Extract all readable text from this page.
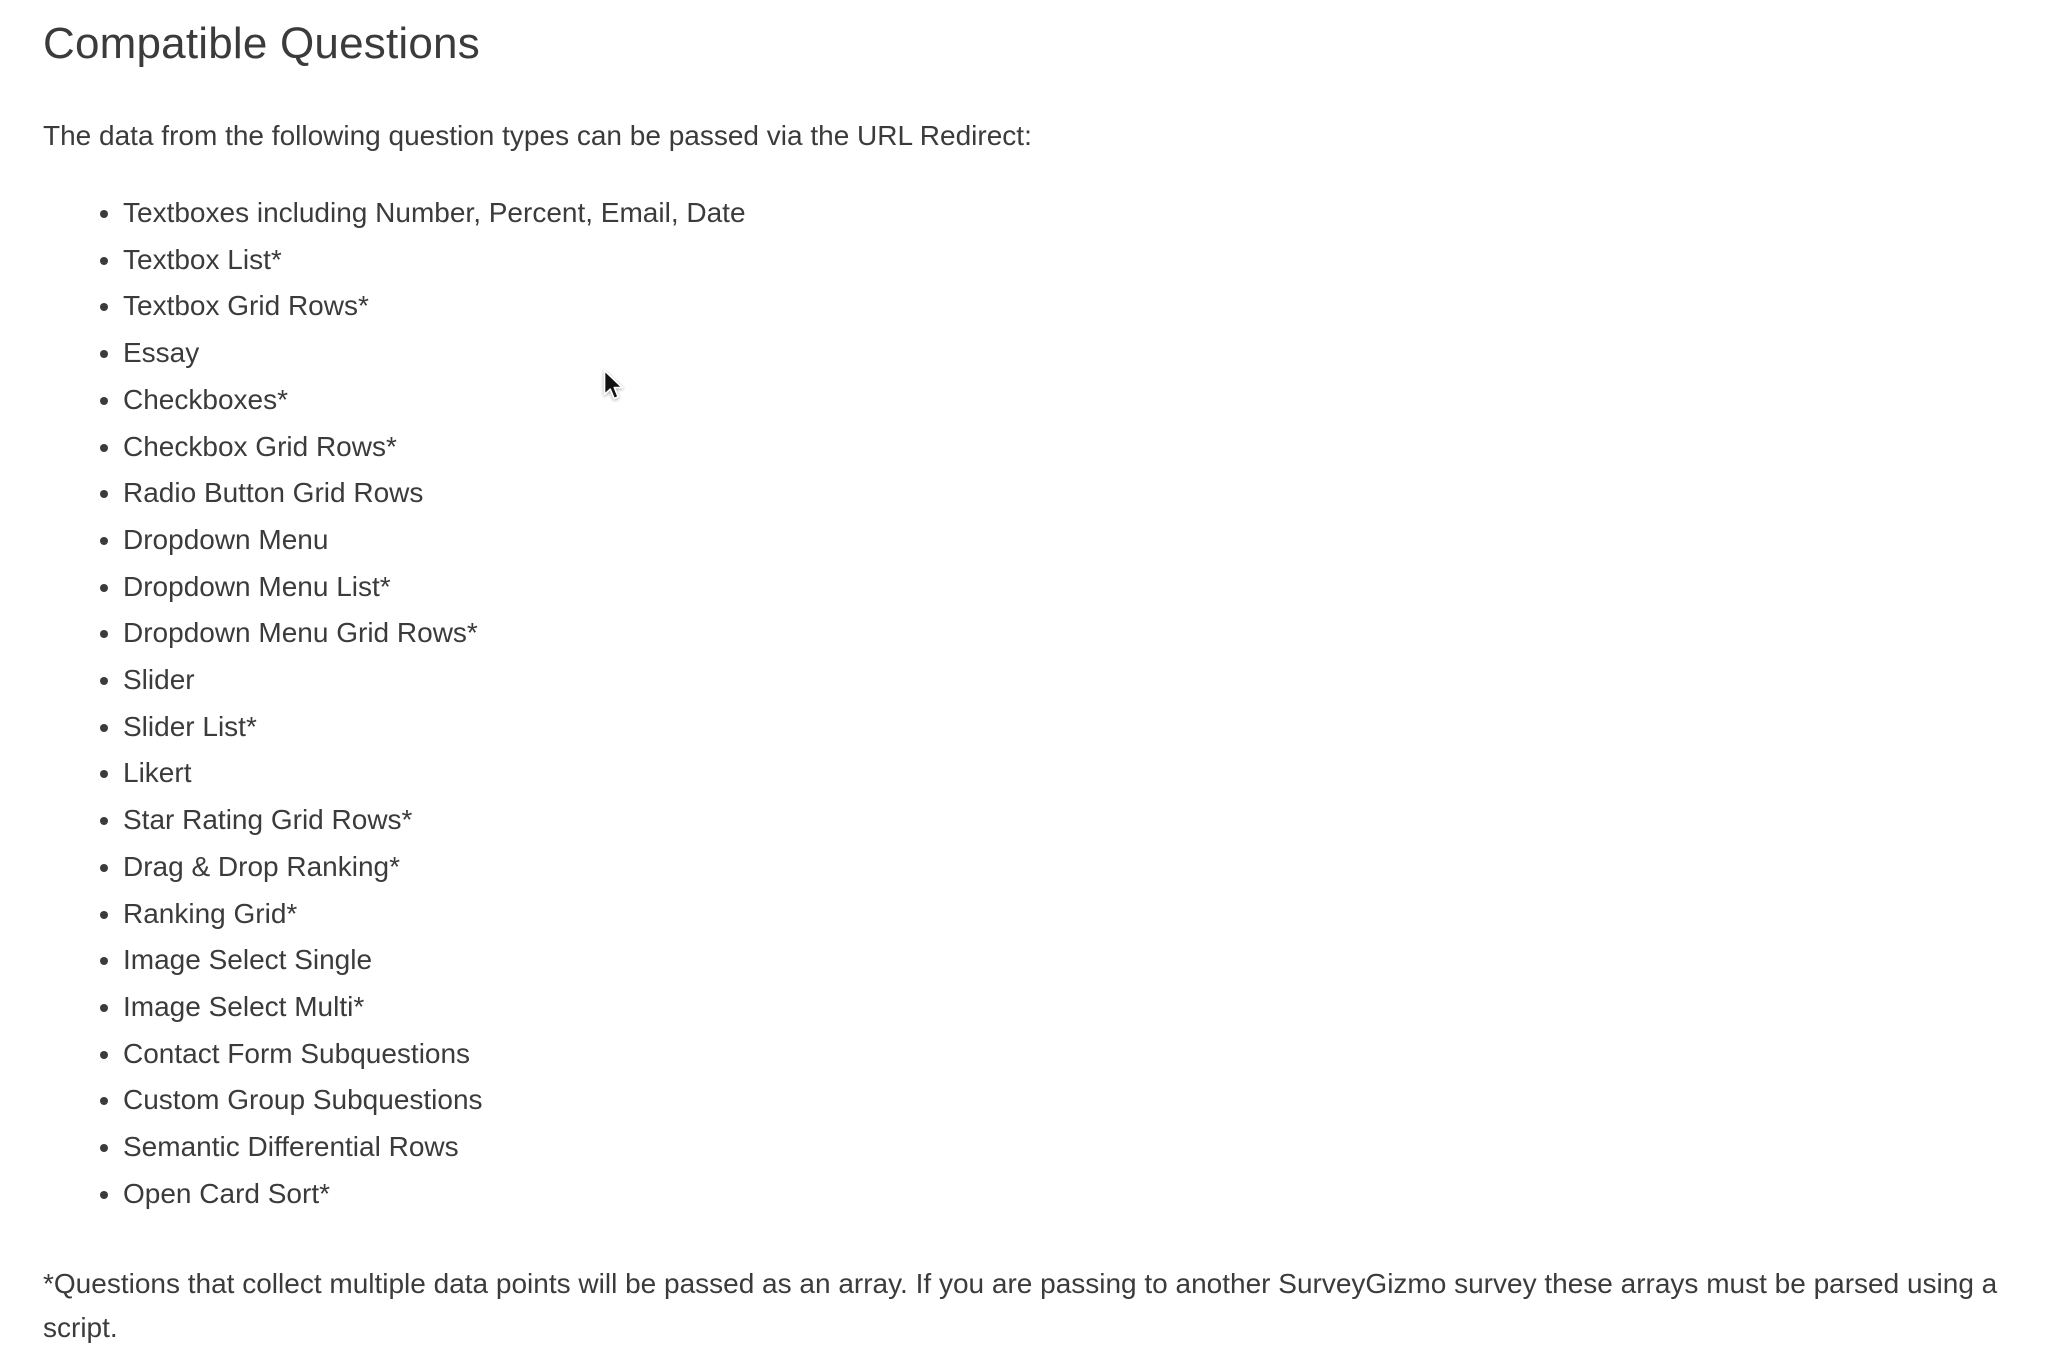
Compatible Questions

The data from the following question types can be passed via the URL Redirect:

• Textboxes including Number, Percent, Email, Date
• Textbox List*
• Textbox Grid Rows*
• Essay
• Checkboxes*
• Checkbox Grid Rows*
• Radio Button Grid Rows
• Dropdown Menu
• Dropdown Menu List*
• Dropdown Menu Grid Rows*
• Slider
• Slider List*
• Likert
• Star Rating Grid Rows*
• Drag & Drop Ranking*
• Ranking Grid*
• Image Select Single
• Image Select Multi*
• Contact Form Subquestions
• Custom Group Subquestions
• Semantic Differential Rows
• Open Card Sort*

*Questions that collect multiple data points will be passed as an array. If you are passing to another SurveyGizmo survey these arrays must be parsed using a script.
